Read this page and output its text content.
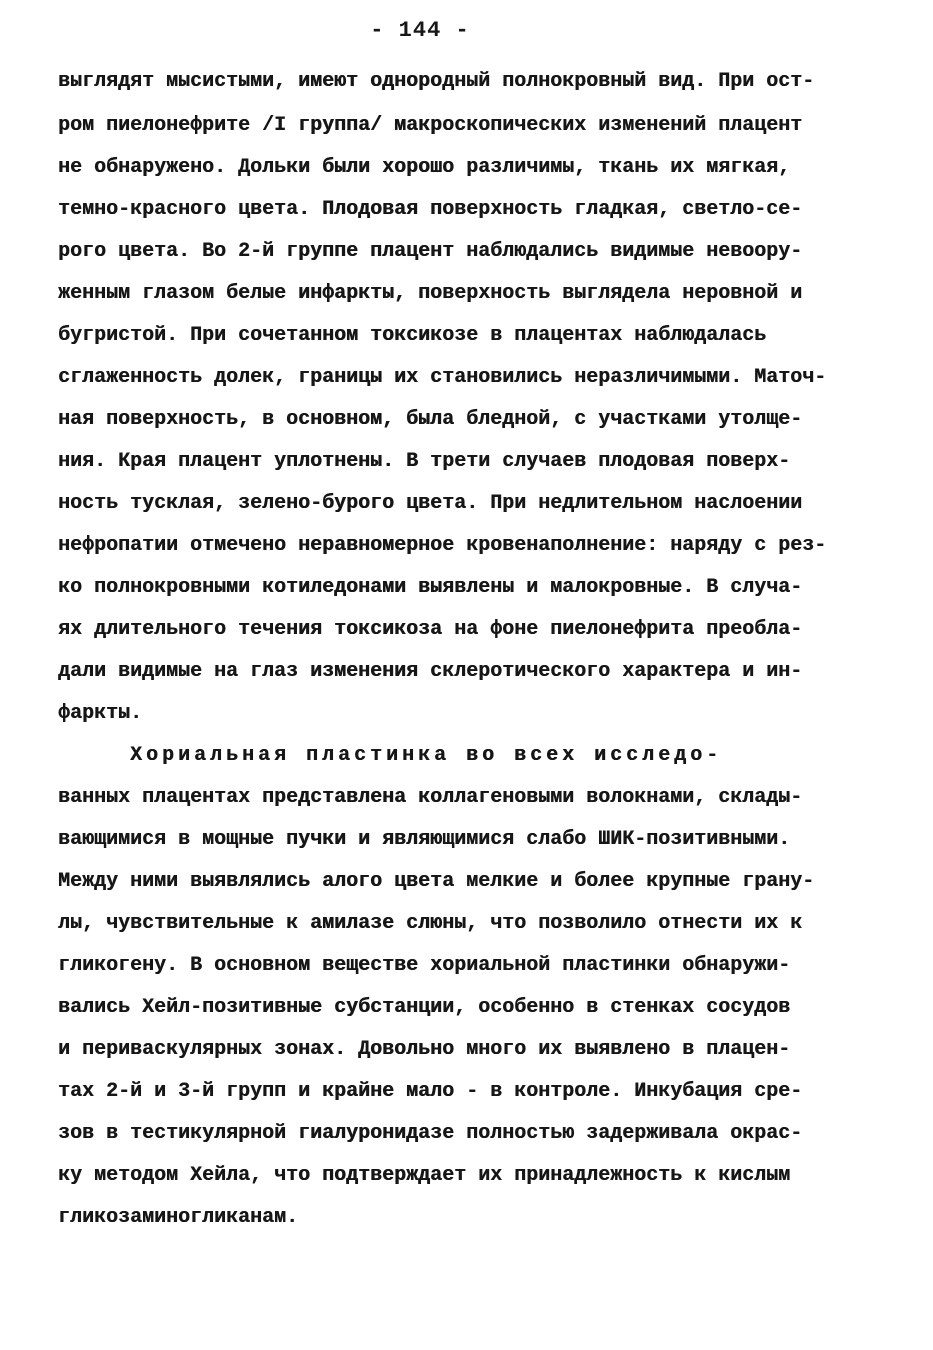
- 144 -
выглядят мысистыми, имеют однородный полнокровный вид. При ост-
ром пиелонефрите /I группа/ макроскопических изменений плацент
не обнаружено. Дольки были хорошо различимы, ткань их мягкая,
темно-красного цвета. Плодовая поверхность гладкая, светло-се-
рого цвета. Во 2-й группе плацент наблюдались видимые невоору-
женным глазом белые инфаркты, поверхность выглядела неровной и
бугристой. При сочетанном токсикозе в плацентах наблюдалась
сглаженность долек, границы их становились неразличимыми. Маточ-
ная поверхность, в основном, была бледной, с участками утолще-
ния. Края плацент уплотнены. В трети случаев плодовая поверх-
ность тусклая, зелено-бурого цвета. При недлительном наслоении
нефропатии отмечено неравномерное кровенаполнение: наряду с рез-
ко полнокровными котиледонами выявлены и малокровные. В случа-
ях длительного течения токсикоза на фоне пиелонефрита преобла-
дали видимые на глаз изменения склеротического характера и ин-
фаркты.
Хориальная пластинка во всех исследо-
ванных плацентах представлена коллагеновыми волокнами, склады-
вающимися в мощные пучки и являющимися слабо ШИК-позитивными.
Между ними выявлялись алого цвета мелкие и более крупные грану-
лы, чувствительные к амилазе слюны, что позволило отнести их к
гликогену. В основном веществе хориальной пластинки обнаружи-
вались Хейл-позитивные субстанции, особенно в стенках сосудов
и периваскулярных зонах. Довольно много их выявлено в плацен-
тах 2-й и 3-й групп и крайне мало - в контроле. Инкубация сре-
зов в тестикулярной гиалуронидазе полностью задерживала окрас-
ку методом Хейла, что подтверждает их принадлежность к кислым
гликозаминогликанам.
